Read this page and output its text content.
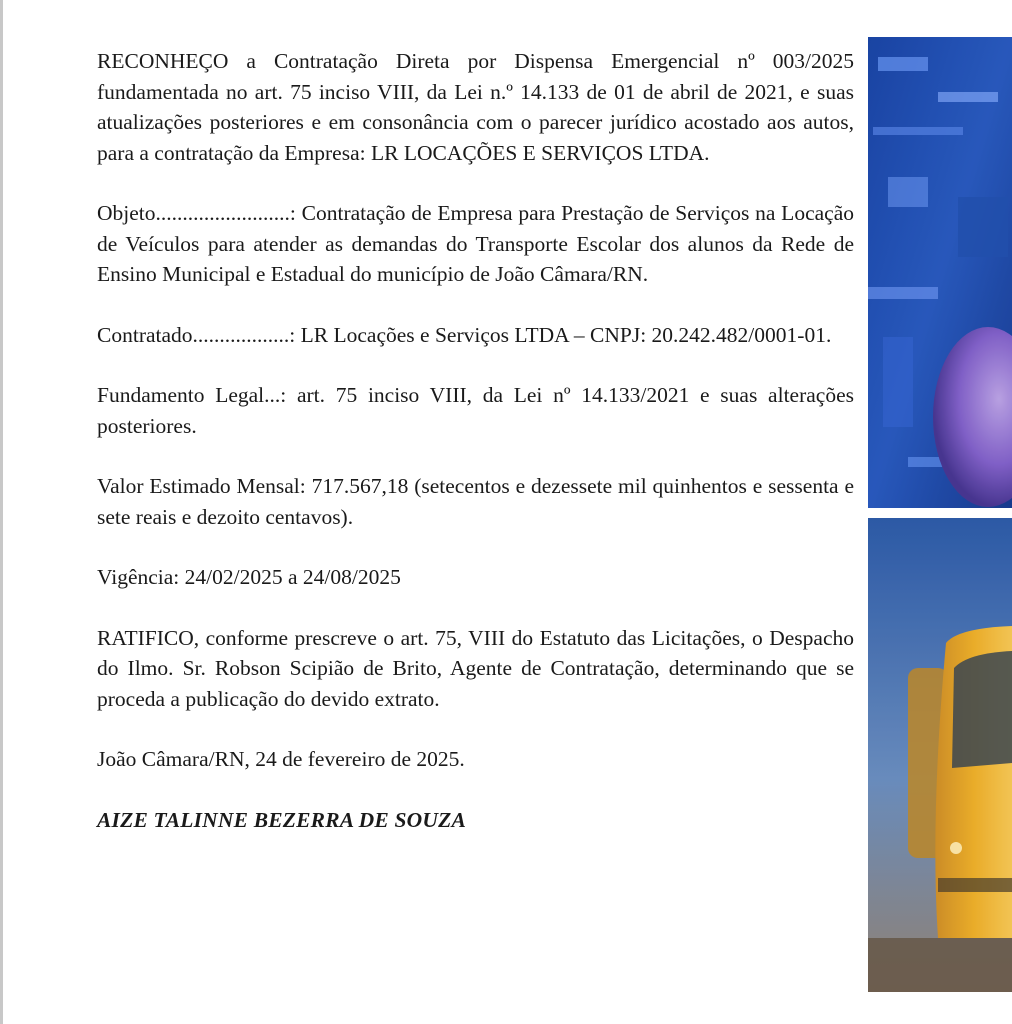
RECONHEÇO a Contratação Direta por Dispensa Emergencial nº 003/2025 fundamentada no art. 75 inciso VIII, da Lei n.º 14.133 de 01 de abril de 2021, e suas atualizações posteriores e em consonância com o parecer jurídico acostado aos autos, para a contratação da Empresa: LR LOCAÇÕES E SERVIÇOS LTDA.

Objeto.........................: Contratação de Empresa para Prestação de Serviços na Locação de Veículos para atender as demandas do Transporte Escolar dos alunos da Rede de Ensino Municipal e Estadual do município de João Câmara/RN.

Contratado..................: LR Locações e Serviços LTDA – CNPJ: 20.242.482/0001-01.

Fundamento Legal...: art. 75 inciso VIII, da Lei nº 14.133/2021 e suas alterações posteriores.

Valor Estimado Mensal: 717.567,18 (setecentos e dezessete mil quinhentos e sessenta e sete reais e dezoito centavos).

Vigência: 24/02/2025 a 24/08/2025

RATIFICO, conforme prescreve o art. 75, VIII do Estatuto das Licitações, o Despacho do Ilmo. Sr. Robson Scipião de Brito, Agente de Contratação, determinando que se proceda a publicação do devido extrato.

João Câmara/RN, 24 de fevereiro de 2025.

AIZE TALINNE BEZERRA DE SOUZA
